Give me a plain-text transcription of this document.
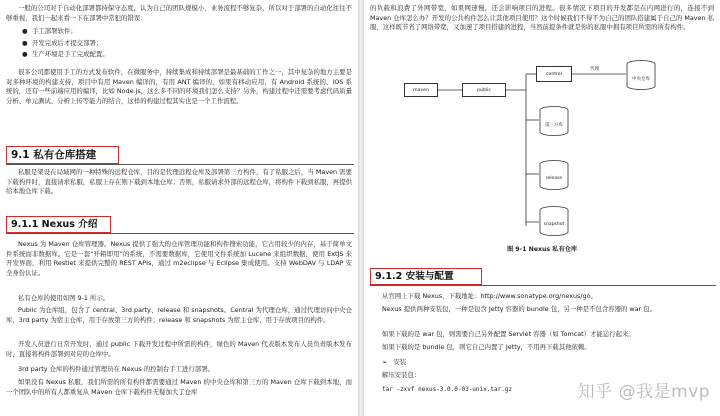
一般的公司对于自动化部署都持保守态度，认为自己的团队规模小，业务流程不够复杂，所以对于部署的自动化往往不够重视，我们一起来看一下在部署中常犯的错误：

● 手工部署软件；
● 开发完成后才提交部署；
● 生产环境是手工完成配置。

很多公司都使用手工的方式发布软件，在微服务中，持续集成和持续部署是最基础的工作之一，其中复杂的地方主要是对多种环境的构建支持，项目中有用 Maven 编译的，有用 ANT 编译的，如果有移动应用，有 Android 系统的、iOS 系统的，还有一些前端应用的编译，比如 Node.js，这么多不同的环境我们怎么支持？另外，构建过程中还需要考虑代码质量分析、单元测试、分析上传等能力的结合，这样的构建过程其实也是一个工作流程。

9.1 私有仓库搭建

私服是架设在局域网的一种特殊的远程仓库，目的是代理远程仓库及部署第三方构件，有了私服之后，当 Maven 需要下载构件时，直接请求私服，私服上存在则下载到本地仓库；否则，私服请求外部的远程仓库，将构件下载到私服，再提供给本地仓库下载。

9.1.1 Nexus 介绍

Nexus 为 Maven 仓库管理器。Nexus 提供了强大的仓库管理功能和构件搜索功能，它占用较少的内存，基于简单文件系统而非数据库。它是一套“开箱即用”的系统，不需要数据库，它使用文件系统加 Lucene 来组织数据，使用 ExtJS 来开发界面，利用 Restlet 来提供完整的 REST APIs，通过 m2eclipse 与 Eclipse 集成使用。支持 WebDAV 与 LDAP 安全身份认证。

私有仓库的使用如图 9-1 所示。

Public 为仓库组，包含了 central、3rd party、release 和 snapshots。Central 为代理仓库，通过代理访问中央仓库，3rd party 为宿主仓库，用于存放第三方的构件；release 和 snapshots 为宿主仓库，用于存放项目的构件。

开发人员进行日常开发时，通过 public 下载开发过程中所需的构件，绿色的 Maven 代表版本发布人员负责版本发布时，直接将构件部署到对应的仓库中。

3rd party 仓库的构件通过管理员在 Nexus 的控制台手工进行部署。

如果没有 Nexus 私服，我们所需的所有构件都需要通过 Maven 的中央仓库和第三方的 Maven 仓库下载到本地，而一个团队中的所有人都重复从 Maven 仓库下载构件无疑加大了仓库

的负载和浪费了外网带宽，如果网速慢，还会影响项目的进程。很多情况下项目的开发都是在内网进行的，连接不到 Maven 仓库怎么办？开发的公共构件怎么让其他项目使用？这个时候我们不得不为自己的团队搭建属于自己的 Maven 私服，这样既节省了网络带宽，又加速了项目搭建的进程，当然前提条件就是你的私服中拥有项目所需的所有构件。

maven	public
central
代理
中央仓库
第三方库
release
snapshot
图 9-1 Nexus 私有仓库
9.1.2 安装与配置

从官网上下载 Nexus，下载地址：http://www.sonatype.org/nexus/go。

Nexus 提供两种安装包，一种是包含 Jetty 容器的 bundle 包，另一种是不包含容器的 war 包。

如果下载的是 war 包，则需要自己另外配置 Servlet 容器（如 Tomcat）才能运行起来。

如果下载的是 bundle 包，则它自己内置了 Jetty，不用再下载其他依赖。

➢ 安装

解压安装包：

tar -zxvf nexus-3.0.0-03-unix.tar.gz	知乎 @我是mvp
